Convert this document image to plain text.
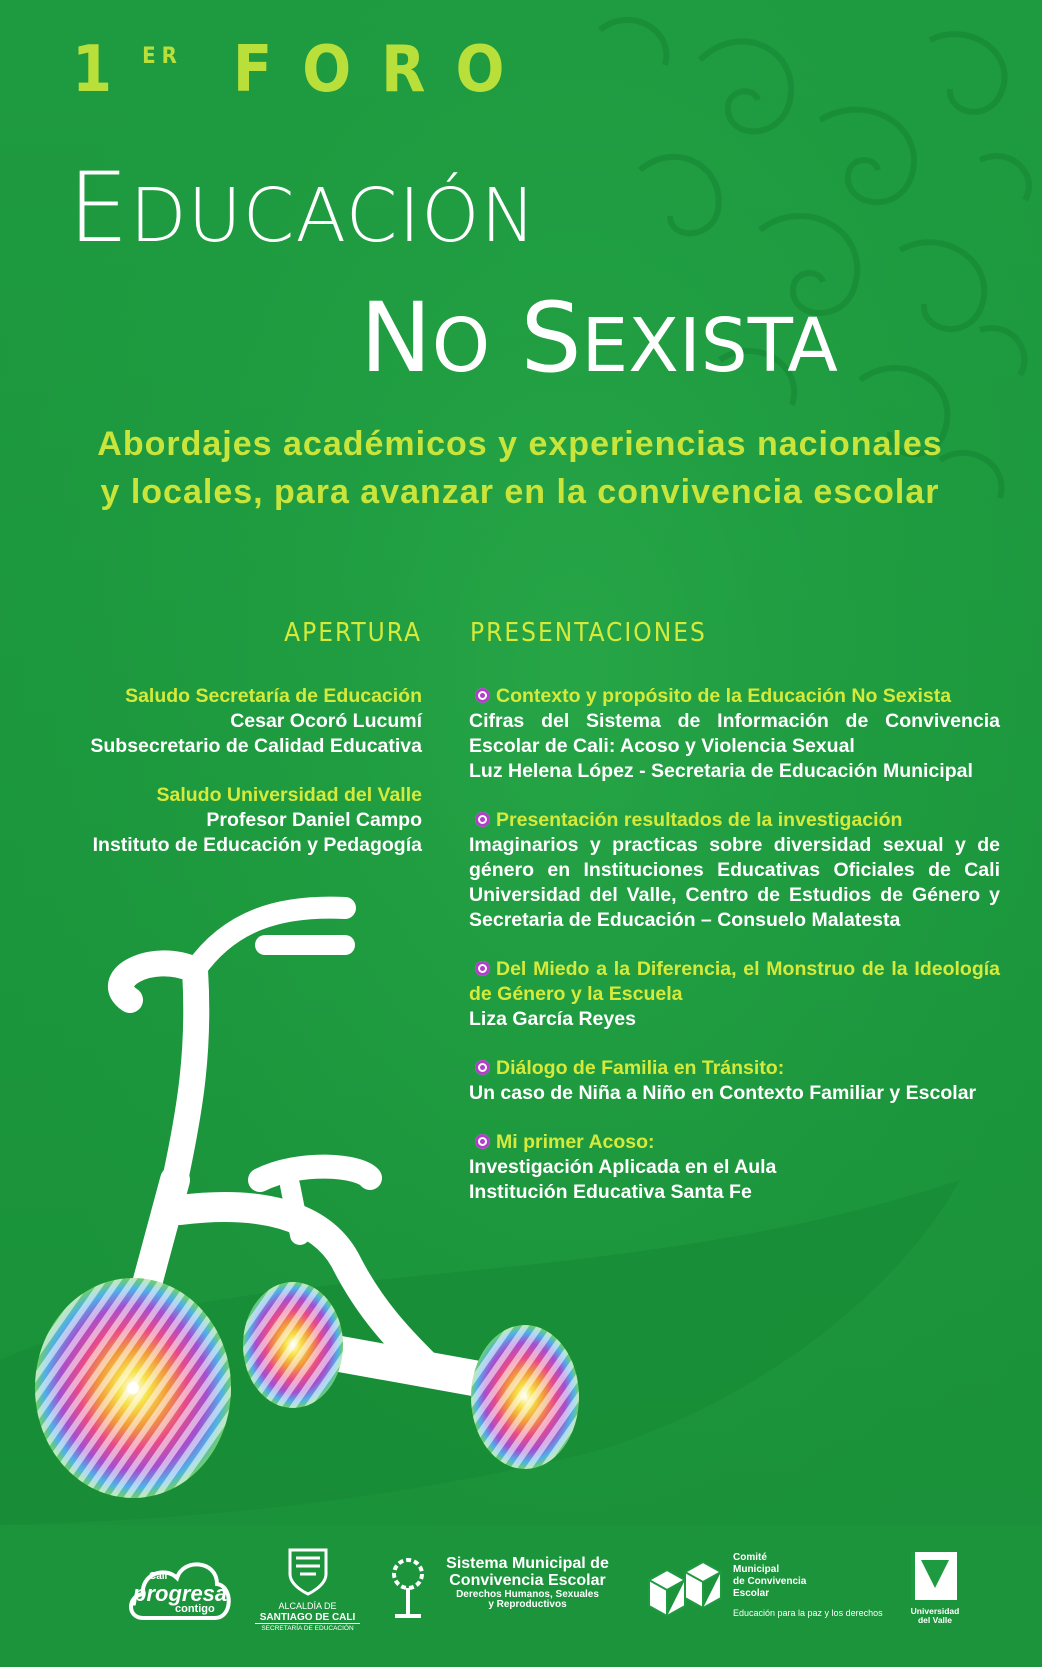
1ER FORO
EDUCACIÓN
NO SEXISTA
Abordajes académicos y experiencias nacionales
y locales, para avanzar en la convivencia escolar
APERTURA PRESENTACIONES
Saludo Secretaría de Educación
Cesar Ocoró Lucumí
Subsecretario de Calidad Educativa
Saludo Universidad del Valle
Profesor Daniel Campo
Instituto de Educación y Pedagogía
Contexto y propósito de la Educación No Sexista
Cifras del Sistema de Información de Convivencia Escolar de Cali: Acoso y Violencia Sexual
Luz Helena López - Secretaria de Educación Municipal
Presentación resultados de la investigación
Imaginarios y practicas sobre diversidad sexual y de género en Instituciones Educativas Oficiales de Cali Universidad del Valle, Centro de Estudios de Género y Secretaria de Educación – Consuelo Malatesta
Del Miedo a la Diferencia, el Monstruo de la Ideología de Género y la Escuela
Liza García Reyes
Diálogo de Familia en Tránsito:
Un caso de Niña a Niño en Contexto Familiar y Escolar
Mi primer Acoso:
Investigación Aplicada en el Aula
Institución Educativa Santa Fe
Cali
progresa
contigo	ALCALDÍA DE
SANTIAGO DE CALI
SECRETARÍA DE EDUCACIÓN
Sistema Municipal de
Convivencia Escolar
Derechos Humanos, Sexuales
y Reproductivos
Comité
Municipal
de Convivencia
Escolar
Educación para la paz y los derechos	Universidad
del Valle
